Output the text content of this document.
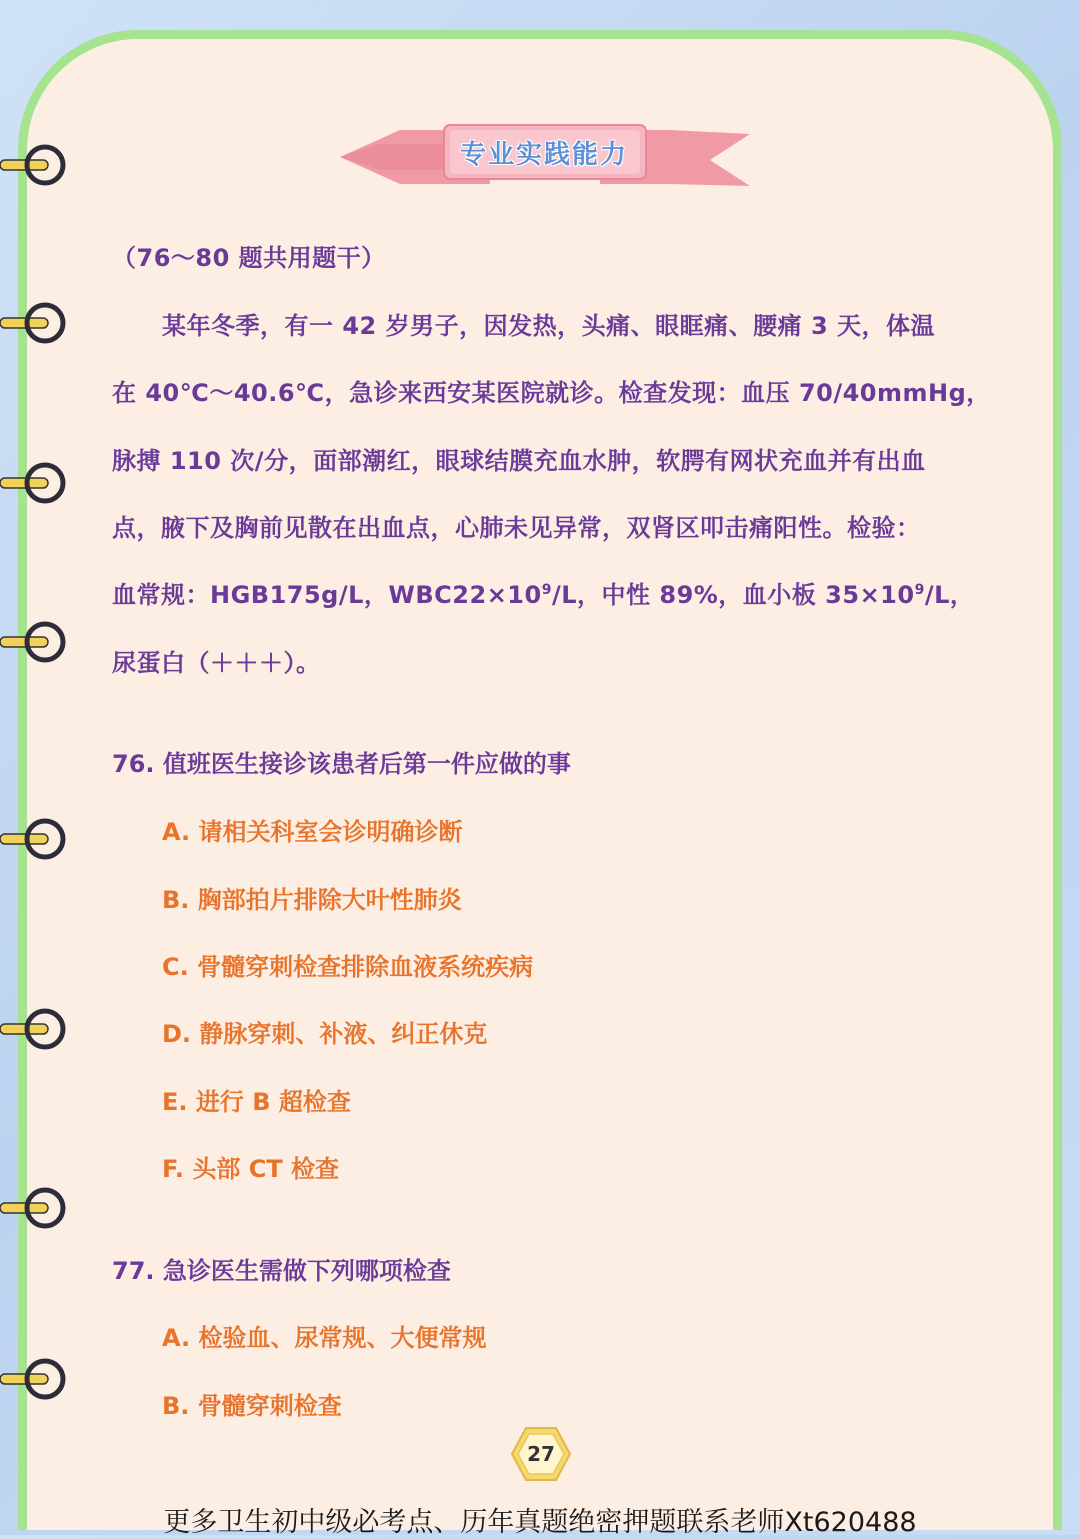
专业实践能力
（76～80 题共用题干）
某年冬季，有一 42 岁男子，因发热，头痛、眼眶痛、腰痛 3 天，体温
在 40℃～40.6℃，急诊来西安某医院就诊。检查发现：血压 70/40mmHg，
脉搏 110 次/分，面部潮红，眼球结膜充血水肿，软腭有网状充血并有出血
点，腋下及胸前见散在出血点，心肺未见异常，双肾区叩击痛阳性。检验：
血常规：HGB175g/L，$WBC22\times 10^9/L$，中性 89%，血小板 $35\times 10^9/L$，
尿蛋白（＋＋＋）。
76. 值班医生接诊该患者后第一件应做的事
A. 请相关科室会诊明确诊断
B. 胸部拍片排除大叶性肺炎
C. 骨髓穿刺检查排除血液系统疾病
D. 静脉穿刺、补液、纠正休克
E. 进行 B 超检查
F. 头部 CT 检查
77. 急诊医生需做下列哪项检查
A. 检验血、尿常规、大便常规
B. 骨髓穿刺检查
27
更多卫生初中级必考点、历年真题绝密押题联系老师Xt620488
